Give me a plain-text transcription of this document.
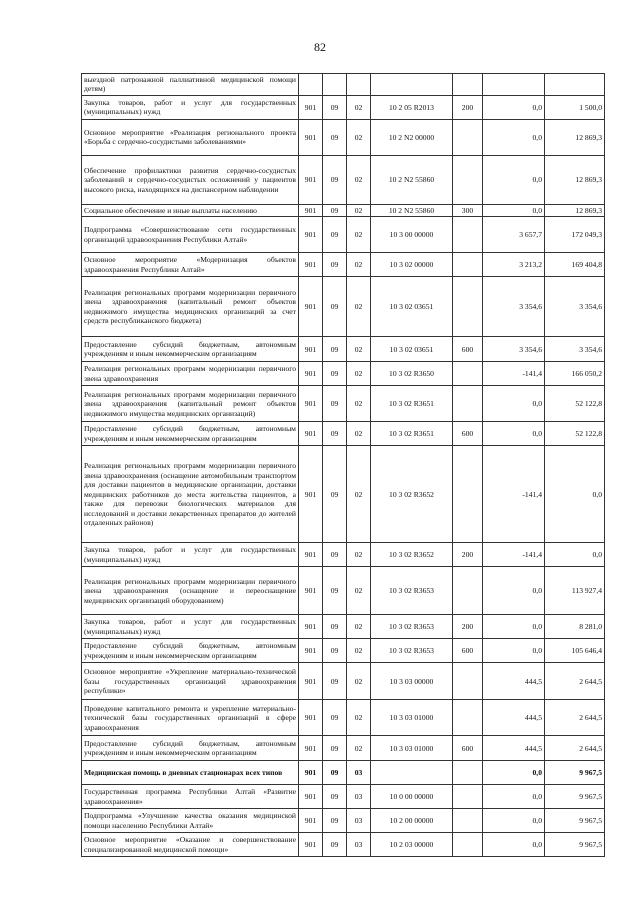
82
выездной патронажной паллиативной медицинской помощи детям)							
Закупка товаров, работ и услуг для государственных (муниципальных) нужд	901	09	02	10 2 05 R2013	200	0,0	1 500,0
Основное мероприятие «Реализация регионального проекта «Борьба с сердечно-сосудистыми заболеваниями»	901	09	02	10 2 N2 00000		0,0	12 869,3
Обеспечение профилактики развития сердечно-сосудистых заболеваний и сердечно-сосудистых осложнений у пациентов высокого риска, находящихся на диспансерном наблюдении	901	09	02	10 2 N2 55860		0,0	12 869,3
Социальное обеспечение и иные выплаты населению	901	09	02	10 2 N2 55860	300	0,0	12 869,3
Подпрограмма «Совершенствование сети государственных организаций здравоохранения Республики Алтай»	901	09	02	10 3 00 00000		3 657,7	172 049,3
Основное мероприятие «Модернизация объектов здравоохранения Республики Алтай»	901	09	02	10 3 02 00000		3 213,2	169 404,8
Реализация региональных программ модернизации первичного звена здравоохранения (капитальный ремонт объектов недвижимого имущества медицинских организаций за счет средств республиканского бюджета)	901	09	02	10 3 02 03651		3 354,6	3 354,6
Предоставление субсидий бюджетным, автономным учреждениям и иным некоммерческим организациям	901	09	02	10 3 02 03651	600	3 354,6	3 354,6
Реализация региональных программ модернизации первичного звена здравоохранения	901	09	02	10 3 02 R3650		-141,4	166 050,2
Реализация региональных программ модернизации первичного звена здравоохранения (капитальный ремонт объектов недвижимого имущества медицинских организаций)	901	09	02	10 3 02 R3651		0,0	52 122,8
Предоставление субсидий бюджетным, автономным учреждениям и иным некоммерческим организациям	901	09	02	10 3 02 R3651	600	0,0	52 122,8
Реализация региональных программ модернизации первичного звена здравоохранения (оснащение автомобильным транспортом для доставки пациентов в медицинские организации, доставки медицинских работников до места жительства пациентов, а также для перевозки биологических материалов для исследований и доставки лекарственных препаратов до жителей отдаленных районов)	901	09	02	10 3 02 R3652		-141,4	0,0
Закупка товаров, работ и услуг для государственных (муниципальных) нужд	901	09	02	10 3 02 R3652	200	-141,4	0,0
Реализация региональных программ модернизации первичного звена здравоохранения (оснащение и переоснащение медицинских организаций оборудованием)	901	09	02	10 3 02 R3653		0,0	113 927,4
Закупка товаров, работ и услуг для государственных (муниципальных) нужд	901	09	02	10 3 02 R3653	200	0,0	8 281,0
Предоставление субсидий бюджетным, автономным учреждениям и иным некоммерческим организациям	901	09	02	10 3 02 R3653	600	0,0	105 646,4
Основное мероприятие «Укрепление материально-технической базы государственных организаций здравоохранения республики»	901	09	02	10 3 03 00000		444,5	2 644,5
Проведение капитального ремонта и укрепление материально-технической базы государственных организаций в сфере здравоохранения	901	09	02	10 3 03 01000		444,5	2 644,5
Предоставление субсидий бюджетным, автономным учреждениям и иным некоммерческим организациям	901	09	02	10 3 03 01000	600	444,5	2 644,5
Медицинская помощь в дневных стационарах всех типов	901	09	03			0,0	9 967,5
Государственная программа Республики Алтай «Развитие здравоохранения»	901	09	03	10 0 00 00000		0,0	9 967,5
Подпрограмма «Улучшение качества оказания медицинской помощи населению Республики Алтай»	901	09	03	10 2 00 00000		0,0	9 967,5
Основное мероприятие «Оказание и совершенствование специализированной медицинской помощи»	901	09	03	10 2 03 00000		0,0	9 967,5
